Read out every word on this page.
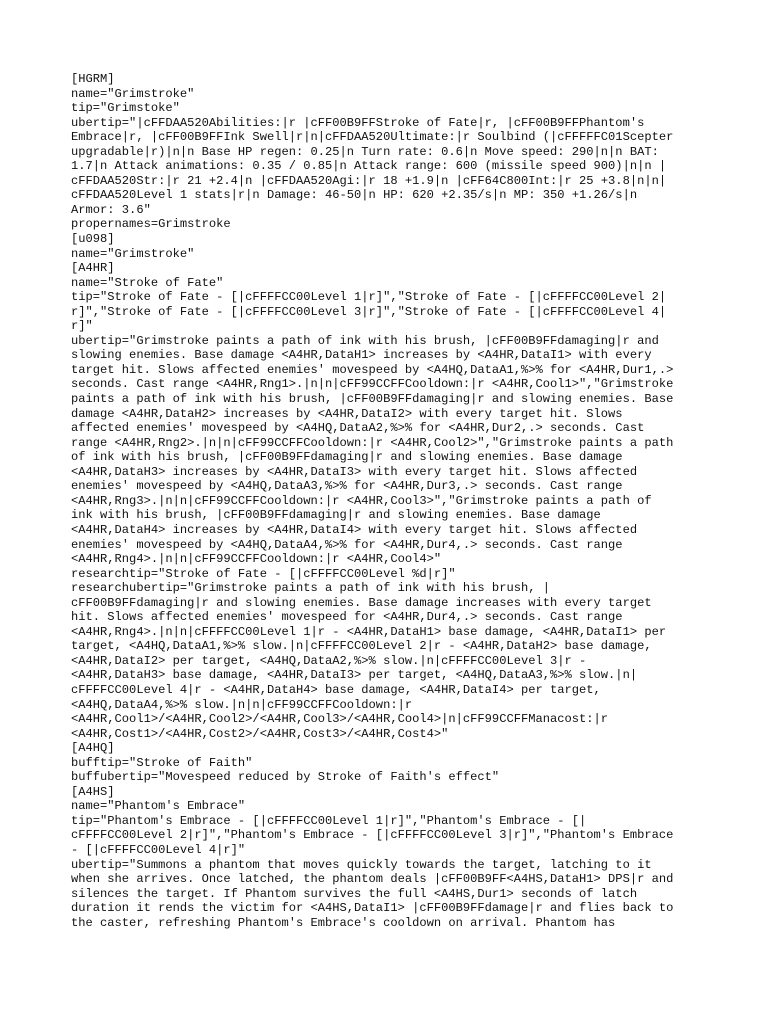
[HGRM]
name="Grimstroke"
tip="Grimstoke"
ubertip="|cFFDAA520Abilities:|r |cFF00B9FFStroke of Fate|r, |cFF00B9FFPhantom's
Embrace|r, |cFF00B9FFInk Swell|r|n|cFFDAA520Ultimate:|r Soulbind (|cFFFFFC01Scepter
upgradable|r)|n|n Base HP regen: 0.25|n Turn rate: 0.6|n Move speed: 290|n|n BAT:
1.7|n Attack animations: 0.35 / 0.85|n Attack range: 600 (missile speed 900)|n|n |
cFFDAA520Str:|r 21 +2.4|n |cFFDAA520Agi:|r 18 +1.9|n |cFF64C800Int:|r 25 +3.8|n|n|
cFFDAA520Level 1 stats|r|n Damage: 46-50|n HP: 620 +2.35/s|n MP: 350 +1.26/s|n
Armor: 3.6"
propernames=Grimstroke
[u098]
name="Grimstroke"
[A4HR]
name="Stroke of Fate"
tip="Stroke of Fate - [|cFFFFCC00Level 1|r]","Stroke of Fate - [|cFFFFCC00Level 2|
r]","Stroke of Fate - [|cFFFFCC00Level 3|r]","Stroke of Fate - [|cFFFFCC00Level 4|
r]"
ubertip="Grimstroke paints a path of ink with his brush, |cFF00B9FFdamaging|r and
slowing enemies. Base damage <A4HR,DataH1> increases by <A4HR,DataI1> with every
target hit. Slows affected enemies' movespeed by <A4HQ,DataA1,%>% for <A4HR,Dur1,.>
seconds. Cast range <A4HR,Rng1>.|n|n|cFF99CCFFCooldown:|r <A4HR,Cool1>","Grimstroke
paints a path of ink with his brush, |cFF00B9FFdamaging|r and slowing enemies. Base
damage <A4HR,DataH2> increases by <A4HR,DataI2> with every target hit. Slows
affected enemies' movespeed by <A4HQ,DataA2,%>% for <A4HR,Dur2,.> seconds. Cast
range <A4HR,Rng2>.|n|n|cFF99CCFFCooldown:|r <A4HR,Cool2>","Grimstroke paints a path
of ink with his brush, |cFF00B9FFdamaging|r and slowing enemies. Base damage
<A4HR,DataH3> increases by <A4HR,DataI3> with every target hit. Slows affected
enemies' movespeed by <A4HQ,DataA3,%>% for <A4HR,Dur3,.> seconds. Cast range
<A4HR,Rng3>.|n|n|cFF99CCFFCooldown:|r <A4HR,Cool3>","Grimstroke paints a path of
ink with his brush, |cFF00B9FFdamaging|r and slowing enemies. Base damage
<A4HR,DataH4> increases by <A4HR,DataI4> with every target hit. Slows affected
enemies' movespeed by <A4HQ,DataA4,%>% for <A4HR,Dur4,.> seconds. Cast range
<A4HR,Rng4>.|n|n|cFF99CCFFCooldown:|r <A4HR,Cool4>"
researchtip="Stroke of Fate - [|cFFFFCC00Level %d|r]"
researchubertip="Grimstroke paints a path of ink with his brush, |
cFF00B9FFdamaging|r and slowing enemies. Base damage increases with every target
hit. Slows affected enemies' movespeed for <A4HR,Dur4,.> seconds. Cast range
<A4HR,Rng4>.|n|n|cFFFFCC00Level 1|r - <A4HR,DataH1> base damage, <A4HR,DataI1> per
target, <A4HQ,DataA1,%>% slow.|n|cFFFFCC00Level 2|r - <A4HR,DataH2> base damage,
<A4HR,DataI2> per target, <A4HQ,DataA2,%>% slow.|n|cFFFFCC00Level 3|r -
<A4HR,DataH3> base damage, <A4HR,DataI3> per target, <A4HQ,DataA3,%>% slow.|n|
cFFFFCC00Level 4|r - <A4HR,DataH4> base damage, <A4HR,DataI4> per target,
<A4HQ,DataA4,%>% slow.|n|n|cFF99CCFFCooldown:|r
<A4HR,Cool1>/<A4HR,Cool2>/<A4HR,Cool3>/<A4HR,Cool4>|n|cFF99CCFFManacost:|r
<A4HR,Cost1>/<A4HR,Cost2>/<A4HR,Cost3>/<A4HR,Cost4>"
[A4HQ]
bufftip="Stroke of Faith"
buffubertip="Movespeed reduced by Stroke of Faith's effect"
[A4HS]
name="Phantom's Embrace"
tip="Phantom's Embrace - [|cFFFFCC00Level 1|r]","Phantom's Embrace - [|
cFFFFCC00Level 2|r]","Phantom's Embrace - [|cFFFFCC00Level 3|r]","Phantom's Embrace
- [|cFFFFCC00Level 4|r]"
ubertip="Summons a phantom that moves quickly towards the target, latching to it
when she arrives. Once latched, the phantom deals |cFF00B9FF<A4HS,DataH1> DPS|r and
silences the target. If Phantom survives the full <A4HS,Dur1> seconds of latch
duration it rends the victim for <A4HS,DataI1> |cFF00B9FFdamage|r and flies back to
the caster, refreshing Phantom's Embrace's cooldown on arrival. Phantom has
